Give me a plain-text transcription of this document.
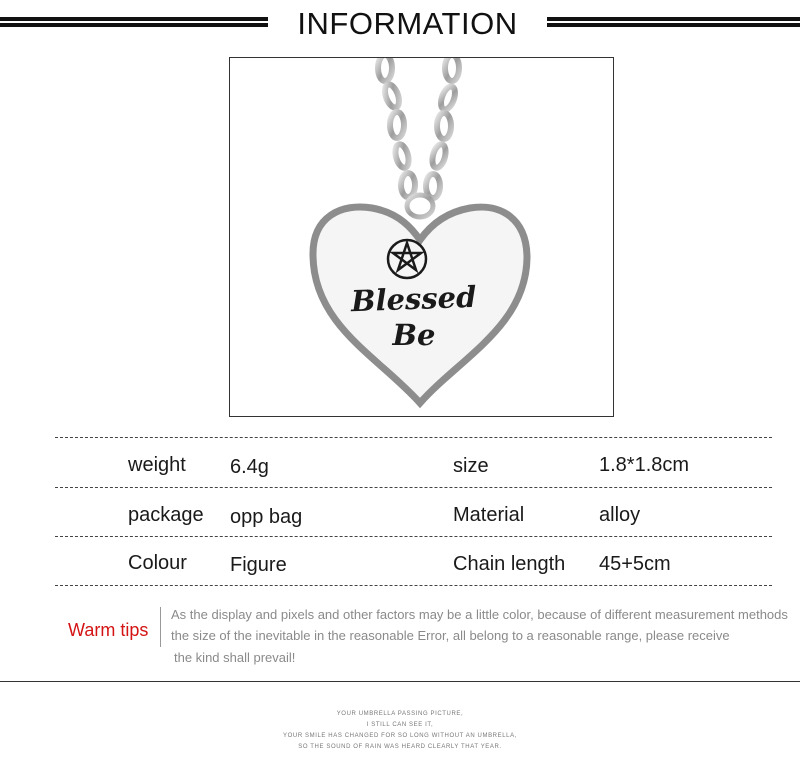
INFORMATION
Blessed
Be
weight 6.4g	size	1.8*1.8cm
package opp bag	Material	alloy
Colour Figure	Chain length 45+5cm
Warm tips
As the display and pixels and other factors may be a little color, because of different measurement methods
the size of the inevitable in the reasonable Error, all belong to a reasonable range, please receive
the kind shall prevail!
YOUR UMBRELLA PASSING PICTURE,
I STILL CAN SEE IT,
YOUR SMILE HAS CHANGED FOR SO LONG WITHOUT AN UMBRELLA,
SO THE SOUND OF RAIN WAS HEARD CLEARLY THAT YEAR.
